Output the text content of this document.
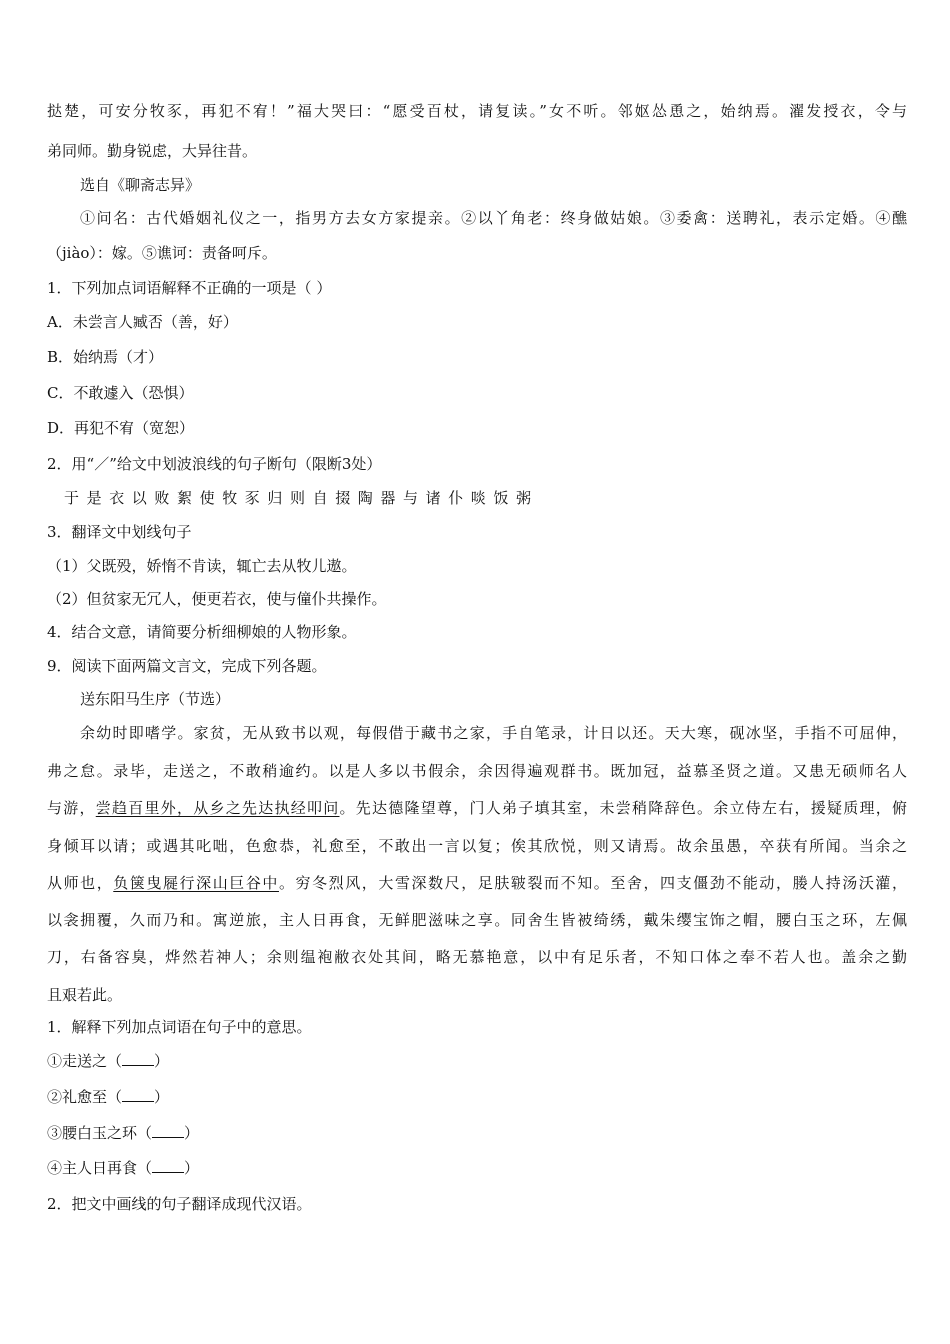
挞楚，可安分牧豕，再犯不宥！”福大哭曰：“愿受百杖，请复读。”女不听。邻妪怂恿之，始纳焉。濯发授衣，令与
弟同师。勤身锐虑，大异往昔。
选自《聊斋志异》
①问名：古代婚姻礼仪之一，指男方去女方家提亲。②以丫角老：终身做姑娘。③委禽：送聘礼，表示定婚。④醮
（jiào）：嫁。⑤谯诃：责备呵斥。
1．下列加点词语解释不正确的一项是（ ）
A．未尝言人臧否（善，好）
B．始纳焉（才）
C．不敢遽入（恐惧）
D．再犯不宥（宽恕）
2．用“／”给文中划波浪线的句子断句（限断3处）
于是衣以败絮使牧豕归则自掇陶器与诸仆啖饭粥
3．翻译文中划线句子
（1）父既殁，娇惰不肯读，辄亡去从牧儿遨。
（2）但贫家无冗人，便更若衣，使与僮仆共操作。
4．结合文意，请简要分析细柳娘的人物形象。
9．阅读下面两篇文言文，完成下列各题。
送东阳马生序（节选）
余幼时即嗜学。家贫，无从致书以观，每假借于藏书之家，手自笔录，计日以还。天大寒，砚冰坚，手指不可屈伸，
弗之怠。录毕，走送之，不敢稍逾约。以是人多以书假余，余因得遍观群书。既加冠，益慕圣贤之道。又患无硕师名人
与游，尝趋百里外，从乡之先达执经叩问。先达德隆望尊，门人弟子填其室，未尝稍降辞色。余立侍左右，援疑质理，俯
身倾耳以请；或遇其叱咄，色愈恭，礼愈至，不敢出一言以复；俟其欣悦，则又请焉。故余虽愚，卒获有所闻。当余之
从师也，负箧曳屣行深山巨谷中。穷冬烈风，大雪深数尺，足肤皲裂而不知。至舍，四支僵劲不能动，媵人持汤沃灌，
以衾拥覆，久而乃和。寓逆旅，主人日再食，无鲜肥滋味之享。同舍生皆被绮绣，戴朱缨宝饰之帽，腰白玉之环，左佩
刀，右备容臭，烨然若神人；余则缊袍敝衣处其间，略无慕艳意，以中有足乐者，不知口体之奉不若人也。盖余之勤
且艰若此。
1．解释下列加点词语在句子中的意思。
①走送之（ ）
②礼愈至（ ）
③腰白玉之环（ ）
④主人日再食（ ）
2．把文中画线的句子翻译成现代汉语。
